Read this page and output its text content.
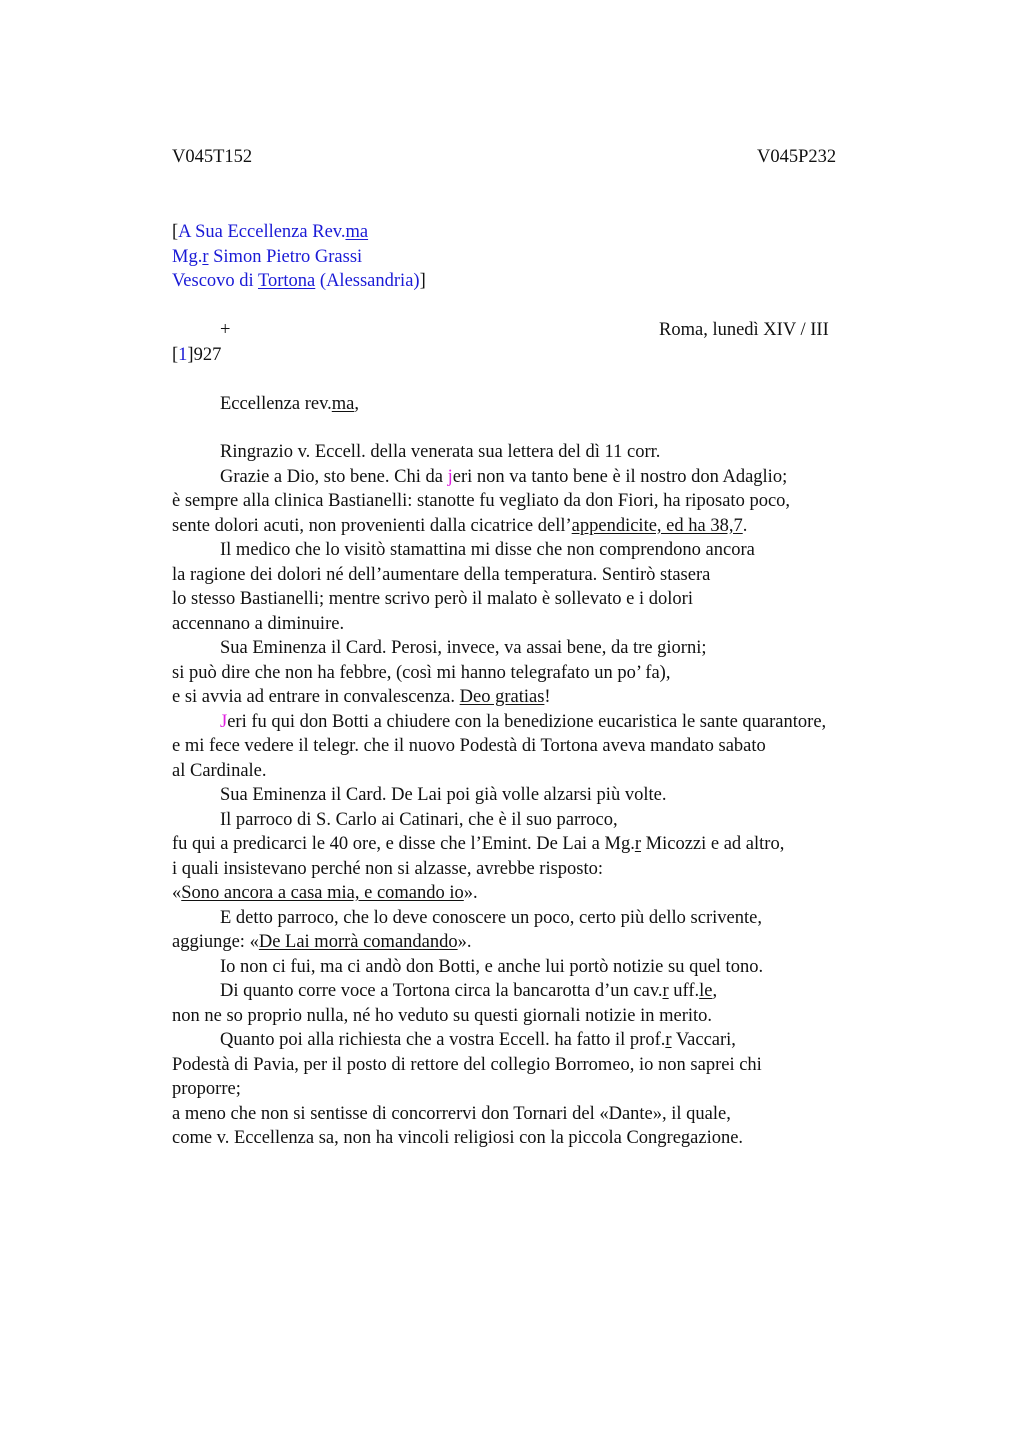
V045T152	V045P232
[A Sua Eccellenza Rev.ma
Mg.r Simon Pietro Grassi
Vescovo di Tortona (Alessandria)]
+	Roma, lunedì XIV / III
[1]927
Eccellenza rev.ma,
Ringrazio v. Eccell. della venerata sua lettera del dì 11 corr.
Grazie a Dio, sto bene. Chi da jeri non va tanto bene è il nostro don Adaglio;
è sempre alla clinica Bastianelli: stanotte fu vegliato da don Fiori, ha riposato poco,
sente dolori acuti, non provenienti dalla cicatrice dell’appendicite, ed ha 38,7.
Il medico che lo visitò stamattina mi disse che non comprendono ancora
la ragione dei dolori né dell’aumentare della temperatura. Sentirò stasera
lo stesso Bastianelli; mentre scrivo però il malato è sollevato e i dolori
accennano a diminuire.
Sua Eminenza il Card. Perosi, invece, va assai bene, da tre giorni;
si può dire che non ha febbre, (così mi hanno telegrafato un po’ fa),
e si avvia ad entrare in convalescenza. Deo gratias!
Jeri fu qui don Botti a chiudere con la benedizione eucaristica le sante quarantore,
e mi fece vedere il telegr. che il nuovo Podestà di Tortona aveva mandato sabato
al Cardinale.
Sua Eminenza il Card. De Lai poi già volle alzarsi più volte.
Il parroco di S. Carlo ai Catinari, che è il suo parroco,
fu qui a predicarci le 40 ore, e disse che l’Emint. De Lai a Mg.r Micozzi e ad altro,
i quali insistevano perché non si alzasse, avrebbe risposto:
«Sono ancora a casa mia, e comando io».
E detto parroco, che lo deve conoscere un poco, certo più dello scrivente,
aggiunge: «De Lai morrà comandando».
Io non ci fui, ma ci andò don Botti, e anche lui portò notizie su quel tono.
Di quanto corre voce a Tortona circa la bancarotta d’un cav.r uff.le,
non ne so proprio nulla, né ho veduto su questi giornali notizie in merito.
Quanto poi alla richiesta che a vostra Eccell. ha fatto il prof.r Vaccari,
Podestà di Pavia, per il posto di rettore del collegio Borromeo, io non saprei chi
proporre;
a meno che non si sentisse di concorrervi don Tornari del «Dante», il quale,
come v. Eccellenza sa, non ha vincoli religiosi con la piccola Congregazione.
